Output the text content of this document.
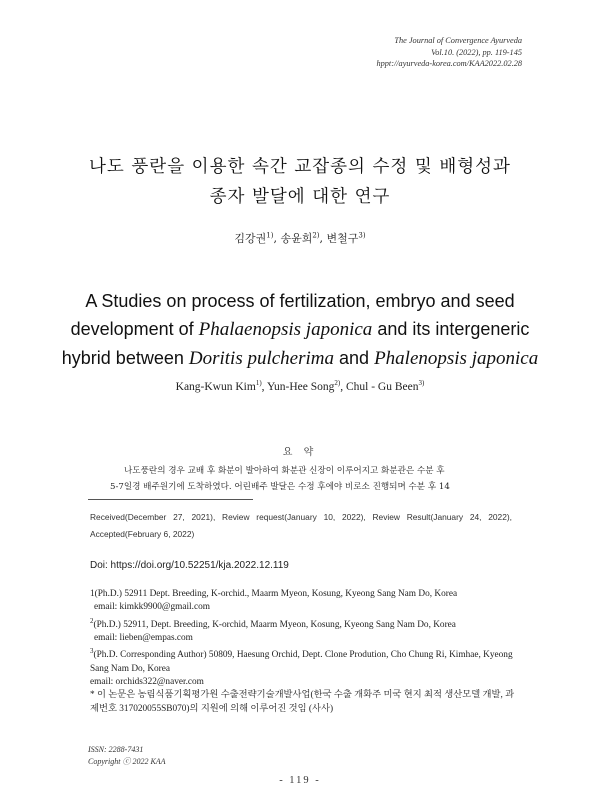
The Journal of Convergence Ayurveda
Vol.10. (2022), pp. 119-145
hppt://ayurveda-korea.com/KAA2022.02.28
나도 풍란을 이용한 속간 교잡종의 수정 및 배형성과
종자 발달에 대한 연구
김강권$^{1)}$, 송윤희$^{2)}$, 변철구$^{3)}$
A Studies on process of fertilization, embryo and seed
development of Phalaenopsis japonica and its intergeneric
hybrid between Doritis pulcherima and Phalenopsis japonica
Kang-Kwun Kim$^{1)}$, Yun-Hee Song$^{2)}$, Chul - Gu Been$^{3)}$
요 약
나도풍란의 경우 교배 후 화분이 발아하여 화분관 신장이 이루어지고 화분관은 수분 후
5-7일경 배주원기에 도착하였다. 어린배주 발달은 수정 후에야 비로소 진행되며 수분 후 14
Received(December 27, 2021), Review request(January 10, 2022), Review Result(January 24, 2022), Accepted(February 6, 2022)
Doi: https://doi.org/10.52251/kja.2022.12.119

1(Ph.D.) 52911 Dept. Breeding, K-orchid., Maarm Myeon, Kosung, Kyeong Sang Nam Do, Korea

email: kimkk9900@gmail.com

$^2$(Ph.D.) 52911, Dept. Breeding, K-orchid, Maarm Myeon, Kosung, Kyeong Sang Nam Do, Korea

email: lieben@empas.com

$^3$(Ph.D. Corresponding Author) 50809, Haesung Orchid, Dept. Clone Prodution, Cho Chung Ri, Kimhae, Kyeong Sang Nam Do, Korea

email: orchids322@naver.com

* 이 논문은 농림식품기획평가원 수출전략기술개발사업(한국 수출 개화주 미국 현지 최적 생산모델 개발, 과제번호 317020055SB070)의 지원에 의해 이루어진 것임 (사사)

ISSN: 2288-7431
Copyright ⓒ 2022 KAA
- 119 -
